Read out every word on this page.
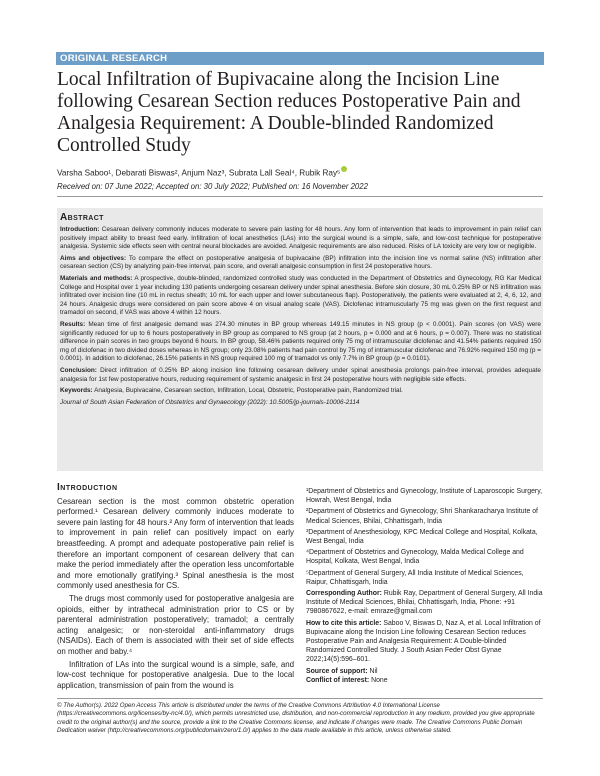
ORIGINAL RESEARCH
Local Infiltration of Bupivacaine along the Incision Line following Cesarean Section reduces Postoperative Pain and Analgesia Requirement: A Double-blinded Randomized Controlled Study
Varsha Saboo¹, Debarati Biswas², Anjum Naz³, Subrata Lall Seal⁴, Rubik Ray⁵
Received on: 07 June 2022; Accepted on: 30 July 2022; Published on: 16 November 2022
Abstract

Introduction: Cesarean delivery commonly induces moderate to severe pain lasting for 48 hours. Any form of intervention that leads to improvement in pain relief can positively impact ability to breast feed early. Infiltration of local anesthetics (LAs) into the surgical wound is a simple, safe, and low-cost technique for postoperative analgesia. Systemic side effects seen with central neural blockades are avoided. Analgesic requirements are also reduced. Risks of LA toxicity are very low or negligible.

Aims and objectives: To compare the effect on postoperative analgesia of bupivacaine (BP) infiltration into the incision line vs normal saline (NS) infiltration after cesarean section (CS) by analyzing pain-free interval, pain score, and overall analgesic consumption in first 24 postoperative hours.

Materials and methods: A prospective, double-blinded, randomized controlled study was conducted in the Department of Obstetrics and Gynecology, RG Kar Medical College and Hospital over 1 year including 130 patients undergoing cesarean delivery under spinal anesthesia. Before skin closure, 30 mL 0.25% BP or NS infiltration was infiltrated over incision line (10 mL in rectus sheath; 10 mL for each upper and lower subcutaneous flap). Postoperatively, the patients were evaluated at 2, 4, 6, 12, and 24 hours. Analgesic drugs were considered on pain score above 4 on visual analog scale (VAS). Diclofenac intramuscularly 75 mg was given on the first request and tramadol on second, if VAS was above 4 within 12 hours.

Results: Mean time of first analgesic demand was 274.30 minutes in BP group whereas 149.15 minutes in NS group (p < 0.0001). Pain scores (on VAS) were significantly reduced for up to 6 hours postoperatively in BP group as compared to NS group (at 2 hours, p = 0.000 and at 6 hours, p = 0.007). There was no statistical difference in pain scores in two groups beyond 6 hours. In BP group, 58.46% patients required only 75 mg of intramuscular diclofenac and 41.54% patients required 150 mg of diclofenac in two divided doses whereas in NS group; only 23.08% patients had pain control by 75 mg of intramuscular diclofenac and 76.92% required 150 mg (p = 0.0001). In addition to diclofenac, 26.15% patients in NS group required 100 mg of tramadol vs only 7.7% in BP group (p = 0.0101).

Conclusion: Direct infiltration of 0.25% BP along incision line following cesarean delivery under spinal anesthesia prolongs pain-free interval, provides adequate analgesia for 1st few postoperative hours, reducing requirement of systemic analgesic in first 24 postoperative hours with negligible side effects.

Keywords: Analgesia, Bupivacaine, Cesarean section, Infiltration, Local, Obstetric, Postoperative pain, Randomized trial.

Journal of South Asian Federation of Obstetrics and Gynaecology (2022): 10.5005/jp-journals-10006-2114

Introduction

Cesarean section is the most common obstetric operation performed.¹ Cesarean delivery commonly induces moderate to severe pain lasting for 48 hours.² Any form of intervention that leads to improvement in pain relief can positively impact on early breastfeeding. A prompt and adequate postoperative pain relief is therefore an important component of cesarean delivery that can make the period immediately after the operation less uncomfortable and more emotionally gratifying.³ Spinal anesthesia is the most commonly used anesthesia for CS.

The drugs most commonly used for postoperative analgesia are opioids, either by intrathecal administration prior to CS or by parenteral administration postoperatively; tramadol; a centrally acting analgesic; or non-steroidal anti-inflammatory drugs (NSAIDs). Each of them is associated with their set of side effects on mother and baby.⁴

Infiltration of LAs into the surgical wound is a simple, safe, and low-cost technique for postoperative analgesia. Due to the local application, transmission of pain from the wound is

¹Department of Obstetrics and Gynecology, Institute of Laparoscopic Surgery, Howrah, West Bengal, India

²Department of Obstetrics and Gynecology, Shri Shankaracharya Institute of Medical Sciences, Bhilai, Chhattisgarh, India

³Department of Anesthesiology, KPC Medical College and Hospital, Kolkata, West Bengal, India

⁴Department of Obstetrics and Gynecology, Malda Medical College and Hospital, Kolkata, West Bengal, India

⁵Department of General Surgery, All India Institute of Medical Sciences, Raipur, Chhattisgarh, India

Corresponding Author: Rubik Ray, Department of General Surgery, All India Institute of Medical Sciences, Bhilai, Chhattisgarh, India, Phone: +91 7980867622, e-mail: emraze@gmail.com

How to cite this article: Saboo V, Biswas D, Naz A, et al. Local Infiltration of Bupivacaine along the Incision Line following Cesarean Section reduces Postoperative Pain and Analgesia Requirement: A Double-blinded Randomized Controlled Study. J South Asian Feder Obst Gynae 2022;14(5):596–601.

Source of support: Nil

Conflict of interest: None

© The Author(s). 2022 Open Access This article is distributed under the terms of the Creative Commons Attribution 4.0 International License (https://creativecommons.org/licenses/by-nc/4.0/), which permits unrestricted use, distribution, and non-commercial reproduction in any medium, provided you give appropriate credit to the original author(s) and the source, provide a link to the Creative Commons license, and indicate if changes were made. The Creative Commons Public Domain Dedication waiver (http://creativecommons.org/publicdomain/zero/1.0/) applies to the data made available in this article, unless otherwise stated.
